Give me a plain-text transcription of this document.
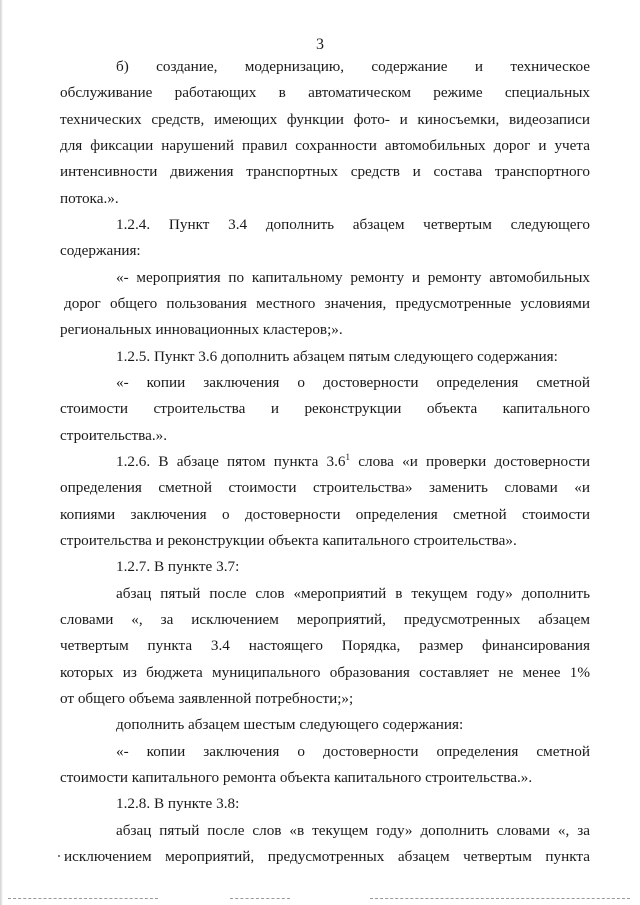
3
б) создание, модернизацию, содержание и техническое
обслуживание работающих в автоматическом режиме специальных
технических средств, имеющих функции фото- и киносъемки, видеозаписи
для фиксации нарушений правил сохранности автомобильных дорог и учета
интенсивности движения транспортных средств и состава транспортного
потока.».
1.2.4. Пункт 3.4 дополнить абзацем четвертым следующего
содержания:
«- мероприятия по капитальному ремонту и ремонту автомобильных
дорог общего пользования местного значения, предусмотренные условиями
региональных инновационных кластеров;».
1.2.5. Пункт 3.6 дополнить абзацем пятым следующего содержания:
«- копии заключения о достоверности определения сметной
стоимости строительства и реконструкции объекта капитального
строительства.».
1.2.6. В абзаце пятом пункта $3.6^1$ слова «и проверки достоверности
определения сметной стоимости строительства» заменить словами «и
копиями заключения о достоверности определения сметной стоимости
строительства и реконструкции объекта капитального строительства».
1.2.7. В пункте 3.7:
абзац пятый после слов «мероприятий в текущем году» дополнить
словами «, за исключением мероприятий, предусмотренных абзацем
четвертым пункта 3.4 настоящего Порядка, размер финансирования
которых из бюджета муниципального образования составляет не менее 1%
от общего объема заявленной потребности;»;
дополнить абзацем шестым следующего содержания:
«- копии заключения о достоверности определения сметной
стоимости капитального ремонта объекта капитального строительства.».
1.2.8. В пункте 3.8:
абзац пятый после слов «в текущем году» дополнить словами «, за
исключением мероприятий, предусмотренных абзацем четвертым пункта
